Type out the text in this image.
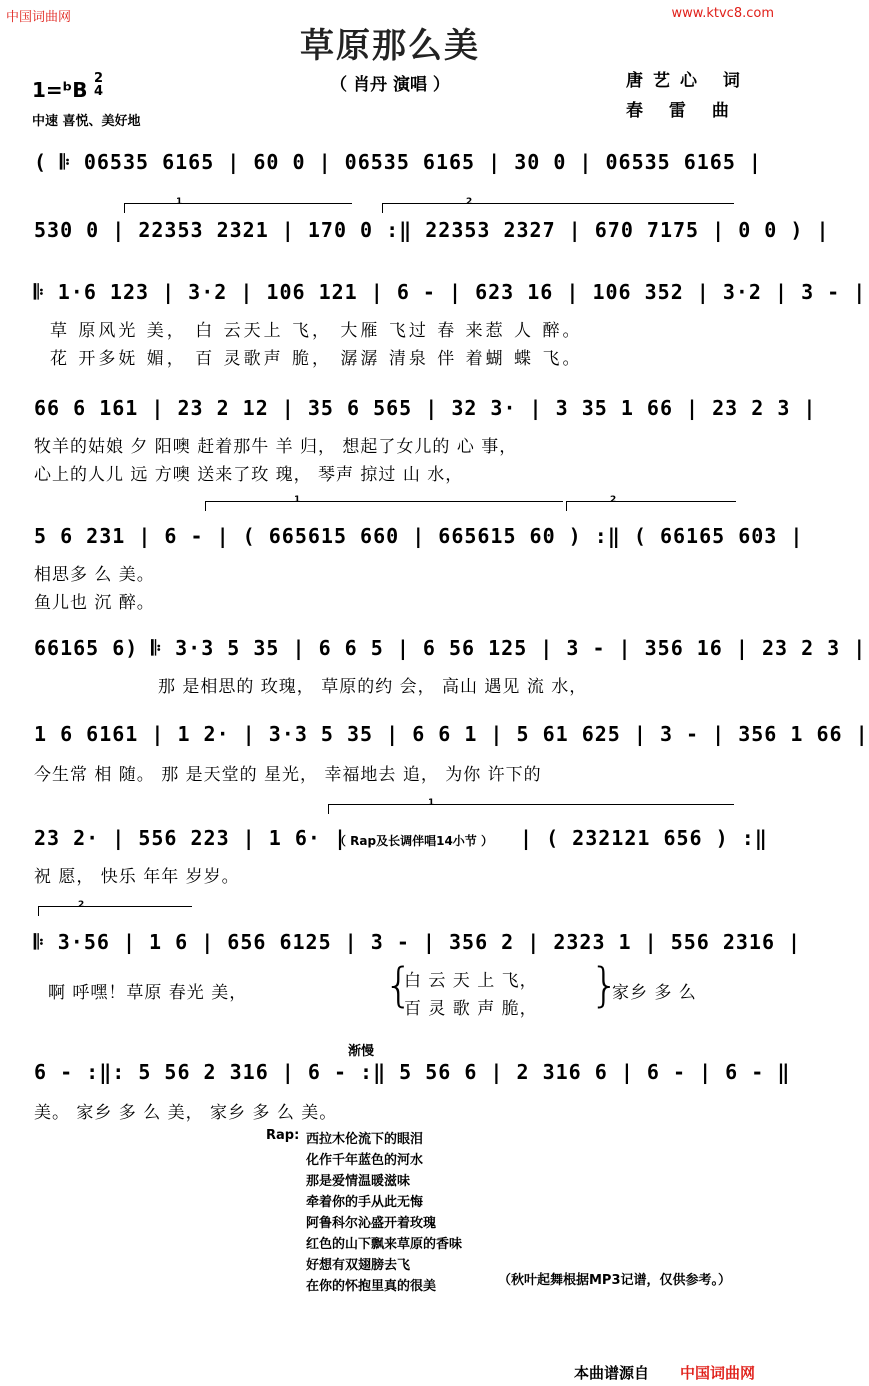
中国词曲网	www.ktvc8.com
草原那么美
（ 肖丹 演唱 ）	唐艺心 词
春 雷 曲
1=ᵇB 2
4
中速 喜悦、美好地
( 𝄆 06535 6165 | 60 0 | 06535 6165 | 30 0 | 06535 6165 |
1	2
530 0 | 22353 2321 | 170 0 :‖ 22353 2327 | 670 7175 | 0 0 ) |
𝄆 1·6 123 | 3·2 | 106 121 | 6 - | 623 16 | 106 352 | 3·2 | 3 - |
草 原风光 美， 白 云天上 飞， 大雁 飞过 春 来惹 人 醉。
花 开多妩 媚， 百 灵歌声 脆， 潺潺 清泉 伴 着蝴 蝶 飞。
66 6 161 | 23 2 12 | 35 6 565 | 32 3· | 3 35 1 66 | 23 2 3 |
牧羊的姑娘 夕 阳噢 赶着那牛 羊 归， 想起了女儿的 心 事，
心上的人儿 远 方噢 送来了玫 瑰， 琴声 掠过 山 水，
1	2
5 6 231 | 6 - | ( 665615 660 | 665615 60 ) :‖ ( 66165 603 |
相思多 么 美。
鱼儿也 沉 醉。
66165 6) 𝄆 3·3 5 35 | 6 6 5 | 6 56 125 | 3 - | 356 16 | 23 2 3 |
那 是相思的 玫瑰， 草原的约 会， 高山 遇见 流 水，
1 6 6161 | 1 2· | 3·3 5 35 | 6 6 1 | 5 61 625 | 3 - | 356 1 66 |
今生常 相 随。 那 是天堂的 星光， 幸福地去 追， 为你 许下的
1
23 2· | 556 223 | 1 6· |
（ Rap及长调伴唱14小节 ） | ( 232121 656 ) :‖
祝 愿， 快乐 年年 岁岁。
2
𝄆 3·56 | 1 6 | 656 6125 | 3 - | 356 2 | 2323 1 | 556 2316 |
啊 呼嘿！草原 春光 美，	{
白 云 天 上 飞，
百 灵 歌 声 脆， }
家乡 多 么
渐慢
6 - :‖: 5 56 2 316 | 6 - :‖ 5 56 6 | 2 316 6 | 6 - | 6 - ‖
美。 家乡 多 么 美， 家乡 多 么 美。
Rap: 西拉木伦流下的眼泪
化作千年蓝色的河水
那是爱情温暖滋味
牵着你的手从此无悔
阿鲁科尔沁盛开着玫瑰
红色的山下飘来草原的香味
好想有双翅膀去飞
在你的怀抱里真的很美	（秋叶起舞根据MP3记谱，仅供参考。）
本曲谱源自 中国词曲网
